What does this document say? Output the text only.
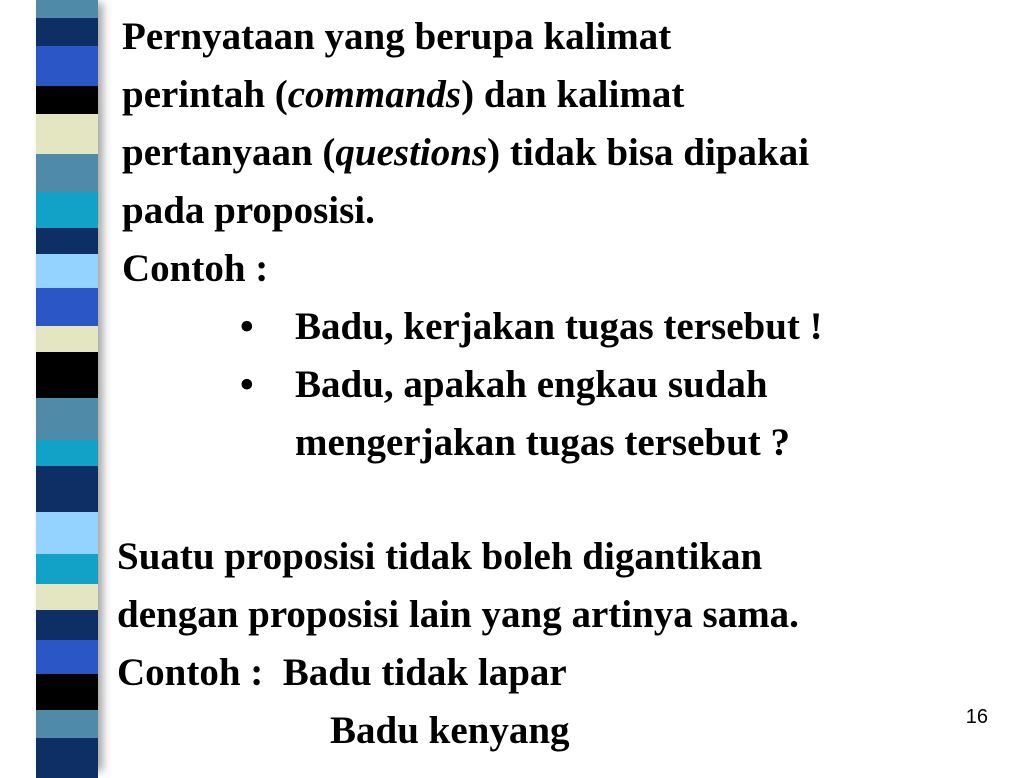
Pernyataan yang berupa kalimat
perintah (commands) dan kalimat
pertanyaan (questions) tidak bisa dipakai
pada proposisi.
Contoh :
• Badu, kerjakan tugas tersebut !
• Badu, apakah engkau sudah
mengerjakan tugas tersebut ?
Suatu proposisi tidak boleh digantikan
dengan proposisi lain yang artinya sama.
Contoh : Badu tidak lapar
Badu kenyang	16
